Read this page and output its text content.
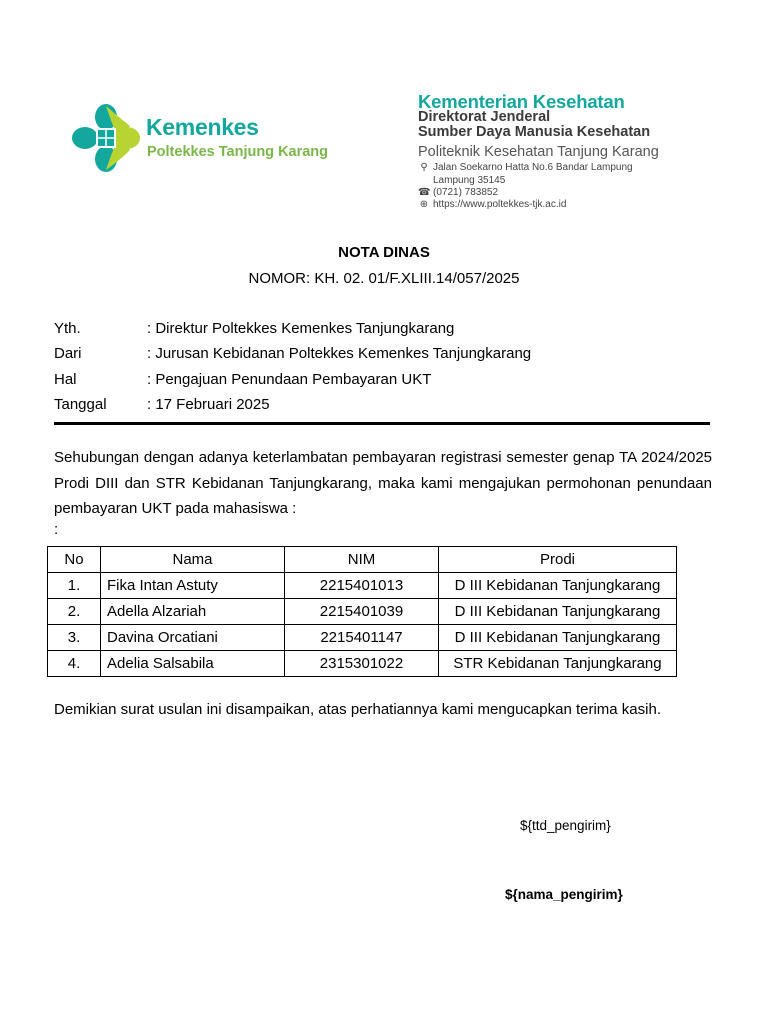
Kemenkes
Poltekkes Tanjung Karang
Kementerian Kesehatan
Direktorat Jenderal
Sumber Daya Manusia Kesehatan
Politeknik Kesehatan Tanjung Karang
⚲ Jalan Soekarno Hatta No.6 Bandar Lampung
Lampung 35145
☎ (0721) 783852
⊕ https://www.poltekkes-tjk.ac.id
NOTA DINAS
NOMOR: KH. 02. 01/F.XLIII.14/057/2025
Yth.	: Direktur Poltekkes Kemenkes Tanjungkarang
Dari	: Jurusan Kebidanan Poltekkes Kemenkes Tanjungkarang
Hal	: Pengajuan Penundaan Pembayaran UKT
Tanggal	: 17 Februari 2025
Sehubungan dengan adanya keterlambatan pembayaran registrasi semester genap TA 2024/2025 Prodi DIII dan STR Kebidanan Tanjungkarang, maka kami mengajukan permohonan penundaan pembayaran UKT pada mahasiswa :
:
No	Nama	NIM	Prodi
1.	Fika Intan Astuty	2215401013	D III Kebidanan Tanjungkarang
2.	Adella Alzariah	2215401039	D III Kebidanan Tanjungkarang
3.	Davina Orcatiani	2215401147	D III Kebidanan Tanjungkarang
4.	Adelia Salsabila	2315301022	STR Kebidanan Tanjungkarang
Demikian surat usulan ini disampaikan, atas perhatiannya kami mengucapkan terima kasih.
${ttd_pengirim}
${nama_pengirim}
